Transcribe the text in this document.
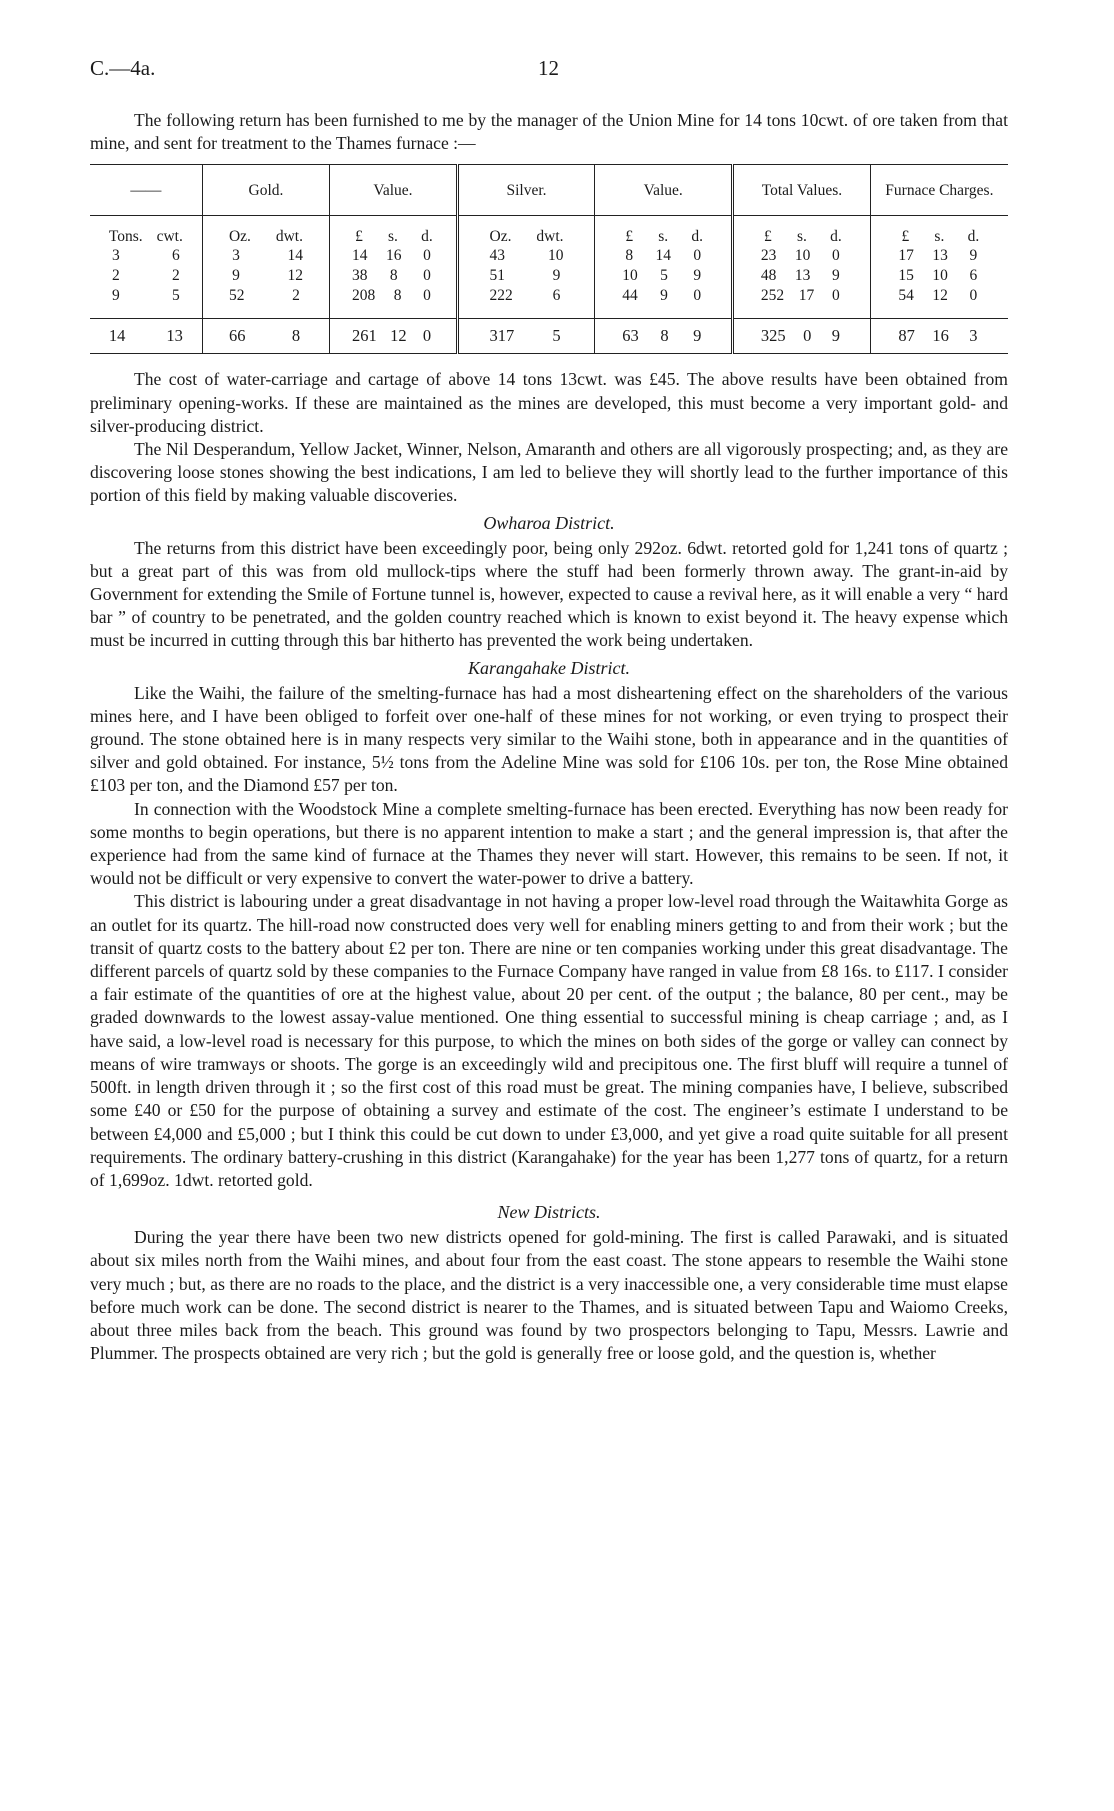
C.—4a.	12

The following return has been furnished to me by the manager of the Union Mine for 14 tons 10cwt. of ore taken from that mine, and sent for treatment to the Thames furnace :—

——	Gold.	Value.	Silver.	Value.	Total Values.	Furnace Charges.

Tons. cwt.	Oz. dwt.	£ s. d.	Oz. dwt.	£ s. d.	£ s. d.	£ s. d.

3 6	3 14	14 16 0	43 10	8 14 0	23 10 0	17 13 9

2 2	9 12	38 8 0	51 9	10 5 9	48 13 9	15 10 6

9 5	52 2	208 8 0	222 6	44 9 0	252 17 0	54 12 0

14 13	66 8	261 12 0	317 5	63 8 9	325 0 9	87 16 3

The cost of water-carriage and cartage of above 14 tons 13cwt. was £45. The above results have been obtained from preliminary opening-works. If these are maintained as the mines are developed, this must become a very important gold- and silver-producing district.

The Nil Desperandum, Yellow Jacket, Winner, Nelson, Amaranth and others are all vigorously prospecting; and, as they are discovering loose stones showing the best indications, I am led to believe they will shortly lead to the further importance of this portion of this field by making valuable discoveries.

Owharoa District.

The returns from this district have been exceedingly poor, being only 292oz. 6dwt. retorted gold for 1,241 tons of quartz ; but a great part of this was from old mullock-tips where the stuff had been formerly thrown away. The grant-in-aid by Government for extending the Smile of Fortune tunnel is, however, expected to cause a revival here, as it will enable a very “ hard bar ” of country to be penetrated, and the golden country reached which is known to exist beyond it. The heavy expense which must be incurred in cutting through this bar hitherto has prevented the work being undertaken.

Karangahake District.

Like the Waihi, the failure of the smelting-furnace has had a most disheartening effect on the shareholders of the various mines here, and I have been obliged to forfeit over one-half of these mines for not working, or even trying to prospect their ground. The stone obtained here is in many respects very similar to the Waihi stone, both in appearance and in the quantities of silver and gold obtained. For instance, 5½ tons from the Adeline Mine was sold for £106 10s. per ton, the Rose Mine obtained £103 per ton, and the Diamond £57 per ton.

In connection with the Woodstock Mine a complete smelting-furnace has been erected. Everything has now been ready for some months to begin operations, but there is no apparent intention to make a start ; and the general impression is, that after the experience had from the same kind of furnace at the Thames they never will start. However, this remains to be seen. If not, it would not be difficult or very expensive to convert the water-power to drive a battery.

This district is labouring under a great disadvantage in not having a proper low-level road through the Waitawhita Gorge as an outlet for its quartz. The hill-road now constructed does very well for enabling miners getting to and from their work ; but the transit of quartz costs to the battery about £2 per ton. There are nine or ten companies working under this great disadvantage. The different parcels of quartz sold by these companies to the Furnace Company have ranged in value from £8 16s. to £117. I consider a fair estimate of the quantities of ore at the highest value, about 20 per cent. of the output ; the balance, 80 per cent., may be graded downwards to the lowest assay-value mentioned. One thing essential to successful mining is cheap carriage ; and, as I have said, a low-level road is necessary for this purpose, to which the mines on both sides of the gorge or valley can connect by means of wire tramways or shoots. The gorge is an exceedingly wild and precipitous one. The first bluff will require a tunnel of 500ft. in length driven through it ; so the first cost of this road must be great. The mining companies have, I believe, subscribed some £40 or £50 for the purpose of obtaining a survey and estimate of the cost. The engineer’s estimate I understand to be between £4,000 and £5,000 ; but I think this could be cut down to under £3,000, and yet give a road quite suitable for all present requirements. The ordinary battery-crushing in this district (Karangahake) for the year has been 1,277 tons of quartz, for a return of 1,699oz. 1dwt. retorted gold.

New Districts.

During the year there have been two new districts opened for gold-mining. The first is called Parawaki, and is situated about six miles north from the Waihi mines, and about four from the east coast. The stone appears to resemble the Waihi stone very much ; but, as there are no roads to the place, and the district is a very inaccessible one, a very considerable time must elapse before much work can be done. The second district is nearer to the Thames, and is situated between Tapu and Waiomo Creeks, about three miles back from the beach. This ground was found by two prospectors belonging to Tapu, Messrs. Lawrie and Plummer. The prospects obtained are very rich ; but the gold is generally free or loose gold, and the question is, whether
